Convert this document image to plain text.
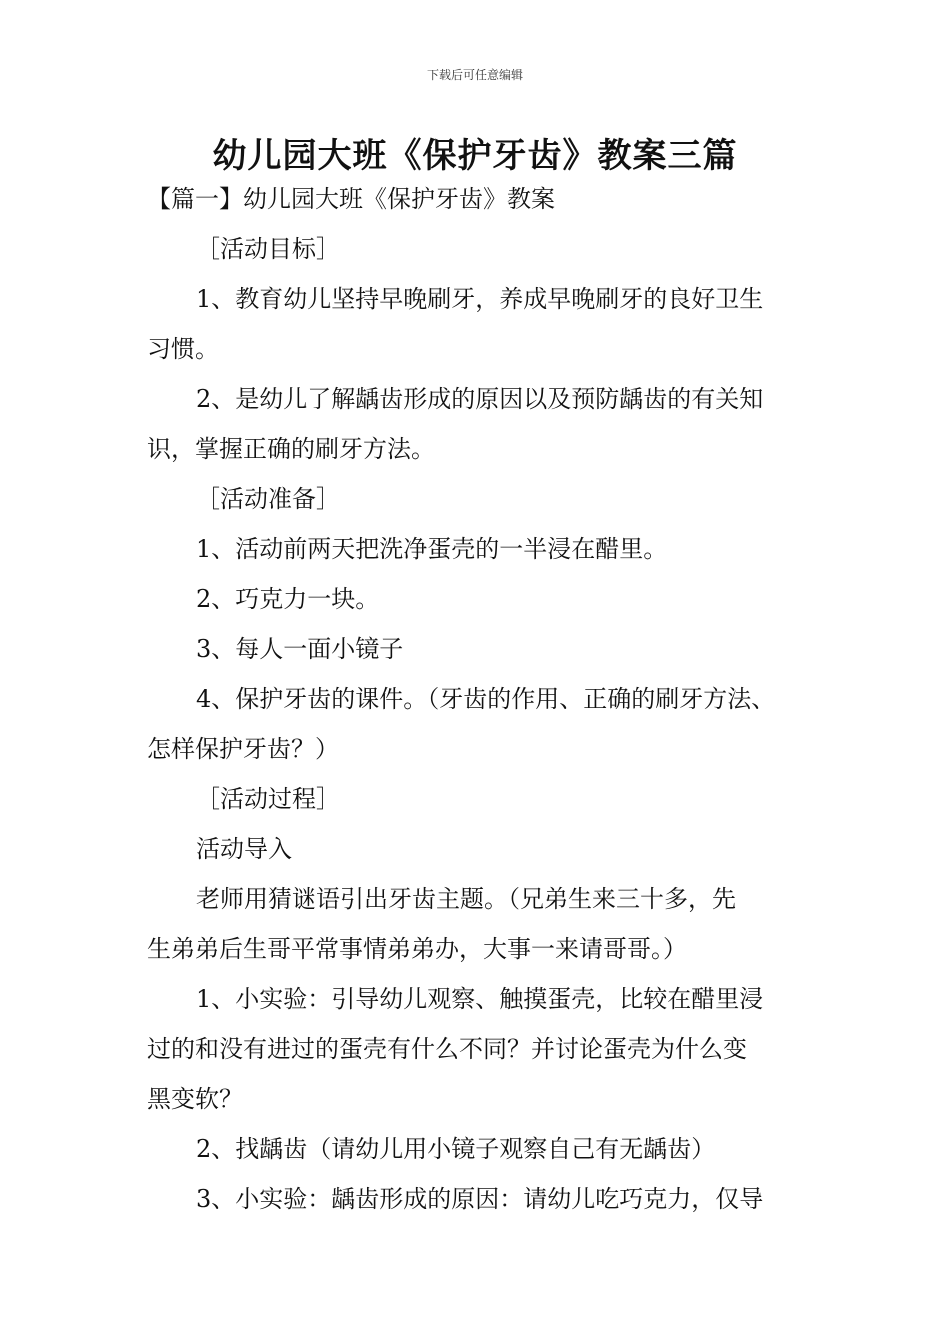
下载后可任意编辑
幼儿园大班《保护牙齿》教案三篇
【篇一】幼儿园大班《保护牙齿》教案
［活动目标］
1、教育幼儿坚持早晚刷牙，养成早晚刷牙的良好卫生
习惯。
2、是幼儿了解龋齿形成的原因以及预防龋齿的有关知
识，掌握正确的刷牙方法。
［活动准备］
1、活动前两天把洗净蛋壳的一半浸在醋里。
2、巧克力一块。
3、每人一面小镜子
4、保护牙齿的课件。（牙齿的作用、正确的刷牙方法、
怎样保护牙齿？）
［活动过程］
活动导入
老师用猜谜语引出牙齿主题。（兄弟生来三十多，先
生弟弟后生哥平常事情弟弟办，大事一来请哥哥。）
1、小实验：引导幼儿观察、触摸蛋壳，比较在醋里浸
过的和没有进过的蛋壳有什么不同？并讨论蛋壳为什么变
黑变软？
2、找龋齿（请幼儿用小镜子观察自己有无龋齿）
3、小实验：龋齿形成的原因：请幼儿吃巧克力，仅导
